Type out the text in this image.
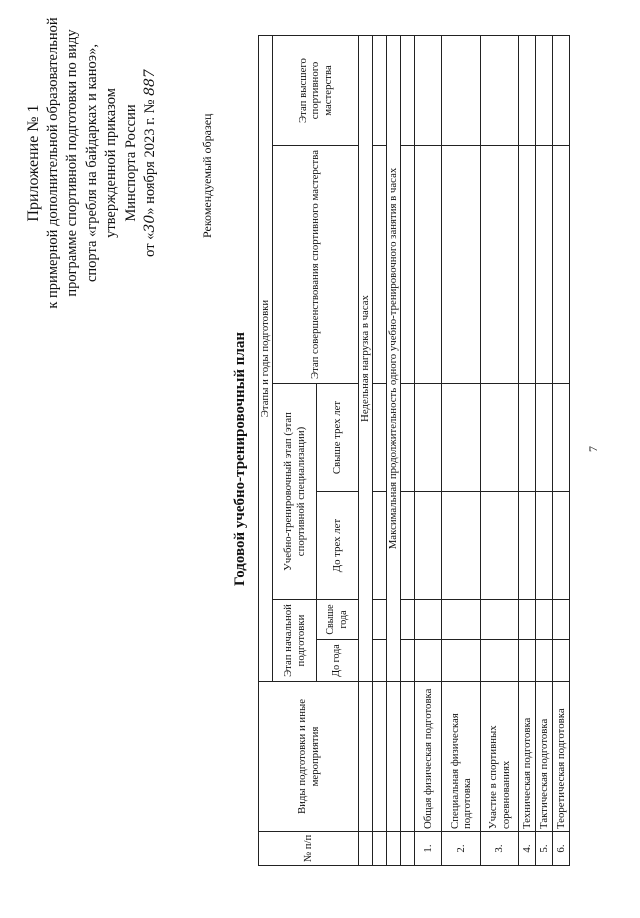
7
Приложение № 1 к примерной дополнительной образовательной программе спортивной подготовки по виду спорта «гребля на байдарках и каноэ», утвержденной приказом Минспорта России
от «30» ноября 2023 г. № 887
Рекомендуемый образец
Годовой учебно-тренировочный план
№ п/п	Виды подготовки и иные мероприятия	Этапы и годы подготовки					
		Этап начальной подготовки		Учебно-тренировочный этап (этап спортивной специализации)		Этап совершенствования спортивного мастерства	Этап высшего спортивного мастерства
		До года	Свыше года	До трех лет	Свыше трех лет		
		Недельная нагрузка в часах					

		Максимальная продолжительность одного учебно-тренировочного занятия в часах					

1.	Общая физическая подготовка						
2.	Специальная физическая подготовка						
3.	Участие в спортивных соревнованиях						
4.	Техническая подготовка						
5.	Тактическая подготовка						
6.	Теоретическая подготовка						
